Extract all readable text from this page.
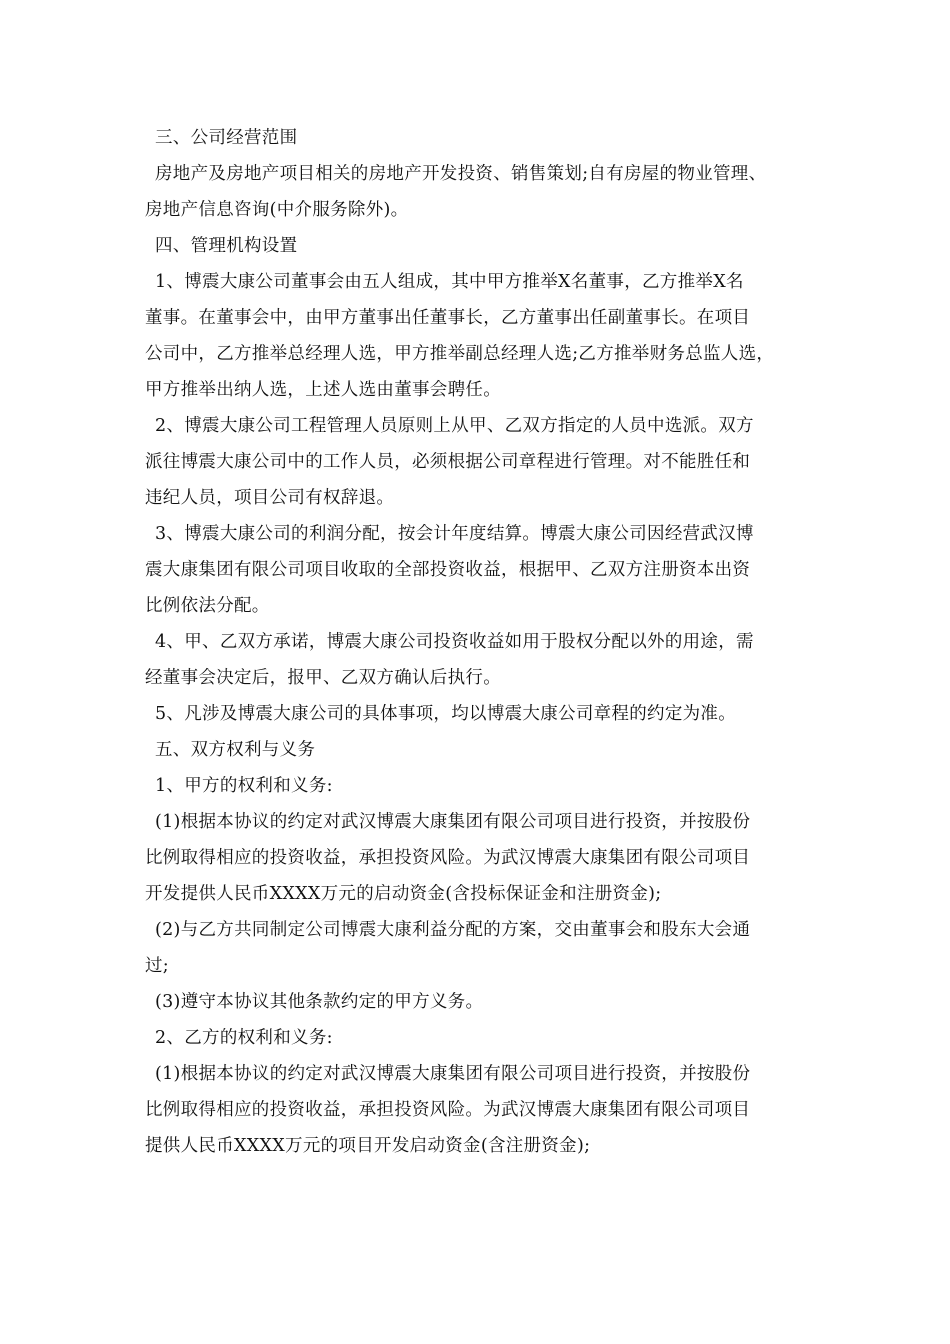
三、公司经营范围
房地产及房地产项目相关的房地产开发投资、销售策划;自有房屋的物业管理、
房地产信息咨询(中介服务除外)。
四、管理机构设置
1、博震大康公司董事会由五人组成，其中甲方推举X名董事，乙方推举X名
董事。在董事会中，由甲方董事出任董事长，乙方董事出任副董事长。在项目
公司中，乙方推举总经理人选，甲方推举副总经理人选;乙方推举财务总监人选，
甲方推举出纳人选，上述人选由董事会聘任。
2、博震大康公司工程管理人员原则上从甲、乙双方指定的人员中选派。双方
派往博震大康公司中的工作人员，必须根据公司章程进行管理。对不能胜任和
违纪人员，项目公司有权辞退。
3、博震大康公司的利润分配，按会计年度结算。博震大康公司因经营武汉博
震大康集团有限公司项目收取的全部投资收益，根据甲、乙双方注册资本出资
比例依法分配。
4、甲、乙双方承诺，博震大康公司投资收益如用于股权分配以外的用途，需
经董事会决定后，报甲、乙双方确认后执行。
5、凡涉及博震大康公司的具体事项，均以博震大康公司章程的约定为准。
五、双方权利与义务
1、甲方的权利和义务:
(1)根据本协议的约定对武汉博震大康集团有限公司项目进行投资，并按股份
比例取得相应的投资收益，承担投资风险。为武汉博震大康集团有限公司项目
开发提供人民币XXXX万元的启动资金(含投标保证金和注册资金);
(2)与乙方共同制定公司博震大康利益分配的方案，交由董事会和股东大会通
过;
(3)遵守本协议其他条款约定的甲方义务。
2、乙方的权利和义务:
(1)根据本协议的约定对武汉博震大康集团有限公司项目进行投资，并按股份
比例取得相应的投资收益，承担投资风险。为武汉博震大康集团有限公司项目
提供人民币XXXX万元的项目开发启动资金(含注册资金);
